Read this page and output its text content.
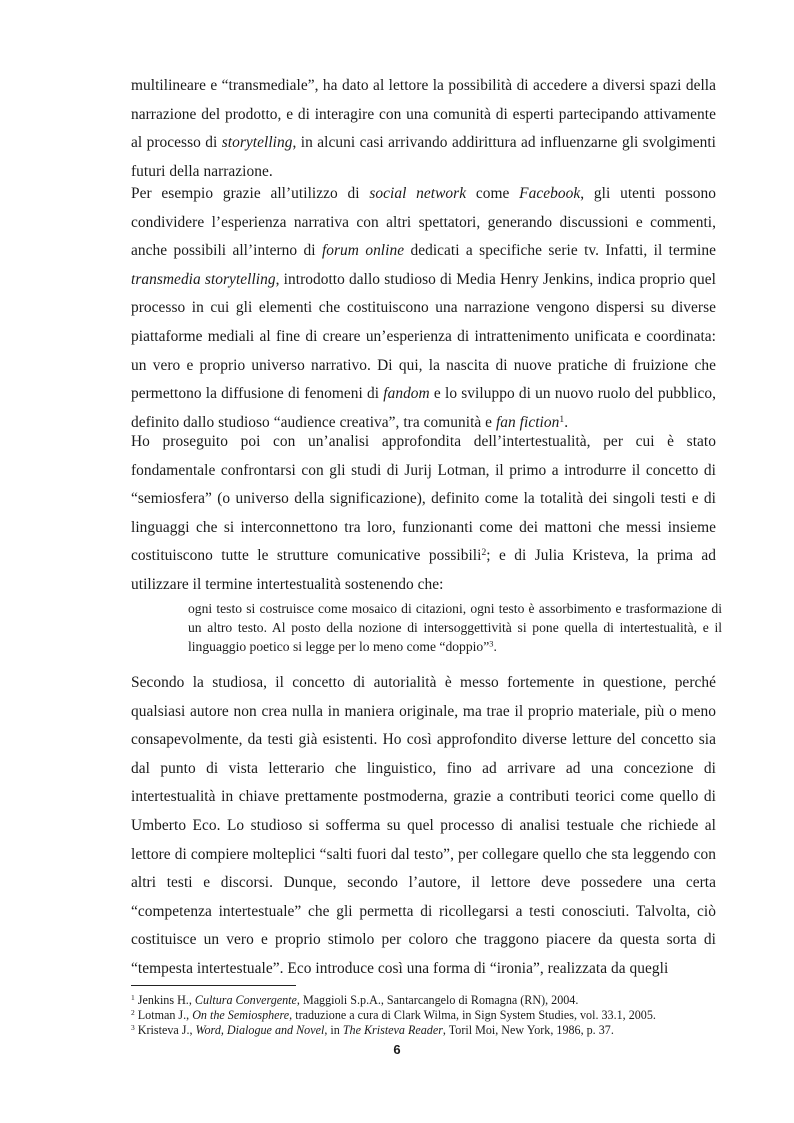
multilineare e “transmediale”, ha dato al lettore la possibilità di accedere a diversi spazi della narrazione del prodotto, e di interagire con una comunità di esperti partecipando attivamente al processo di storytelling, in alcuni casi arrivando addirittura ad influenzarne gli svolgimenti futuri della narrazione.

Per esempio grazie all’utilizzo di social network come Facebook, gli utenti possono condividere l’esperienza narrativa con altri spettatori, generando discussioni e commenti, anche possibili all’interno di forum online dedicati a specifiche serie tv. Infatti, il termine transmedia storytelling, introdotto dallo studioso di Media Henry Jenkins, indica proprio quel processo in cui gli elementi che costituiscono una narrazione vengono dispersi su diverse piattaforme mediali al fine di creare un’esperienza di intrattenimento unificata e coordinata: un vero e proprio universo narrativo. Di qui, la nascita di nuove pratiche di fruizione che permettono la diffusione di fenomeni di fandom e lo sviluppo di un nuovo ruolo del pubblico, definito dallo studioso “audience creativa”, tra comunità e fan fiction$^1$.

Ho proseguito poi con un’analisi approfondita dell’intertestualità, per cui è stato fondamentale confrontarsi con gli studi di Jurij Lotman, il primo a introdurre il concetto di “semiosfera” (o universo della significazione), definito come la totalità dei singoli testi e di linguaggi che si interconnettono tra loro, funzionanti come dei mattoni che messi insieme costituiscono tutte le strutture comunicative possibili$^2$; e di Julia Kristeva, la prima ad utilizzare il termine intertestualità sostenendo che:

ogni testo si costruisce come mosaico di citazioni, ogni testo è assorbimento e trasformazione di un altro testo. Al posto della nozione di intersoggettività si pone quella di intertestualità, e il linguaggio poetico si legge per lo meno come “doppio”$^3$.

Secondo la studiosa, il concetto di autorialità è messo fortemente in questione, perché qualsiasi autore non crea nulla in maniera originale, ma trae il proprio materiale, più o meno consapevolmente, da testi già esistenti. Ho così approfondito diverse letture del concetto sia dal punto di vista letterario che linguistico, fino ad arrivare ad una concezione di intertestualità in chiave prettamente postmoderna, grazie a contributi teorici come quello di Umberto Eco. Lo studioso si sofferma su quel processo di analisi testuale che richiede al lettore di compiere molteplici “salti fuori dal testo”, per collegare quello che sta leggendo con altri testi e discorsi. Dunque, secondo l’autore, il lettore deve possedere una certa “competenza intertestuale” che gli permetta di ricollegarsi a testi conosciuti. Talvolta, ciò costituisce un vero e proprio stimolo per coloro che traggono piacere da questa sorta di “tempesta intertestuale”. Eco introduce così una forma di “ironia”, realizzata da quegli

$^1$ Jenkins H., Cultura Convergente, Maggioli S.p.A., Santarcangelo di Romagna (RN), 2004.
$^2$ Lotman J., On the Semiosphere, traduzione a cura di Clark Wilma, in Sign System Studies, vol. 33.1, 2005.
$^3$ Kristeva J., Word, Dialogue and Novel, in The Kristeva Reader, Toril Moi, New York, 1986, p. 37.
6
